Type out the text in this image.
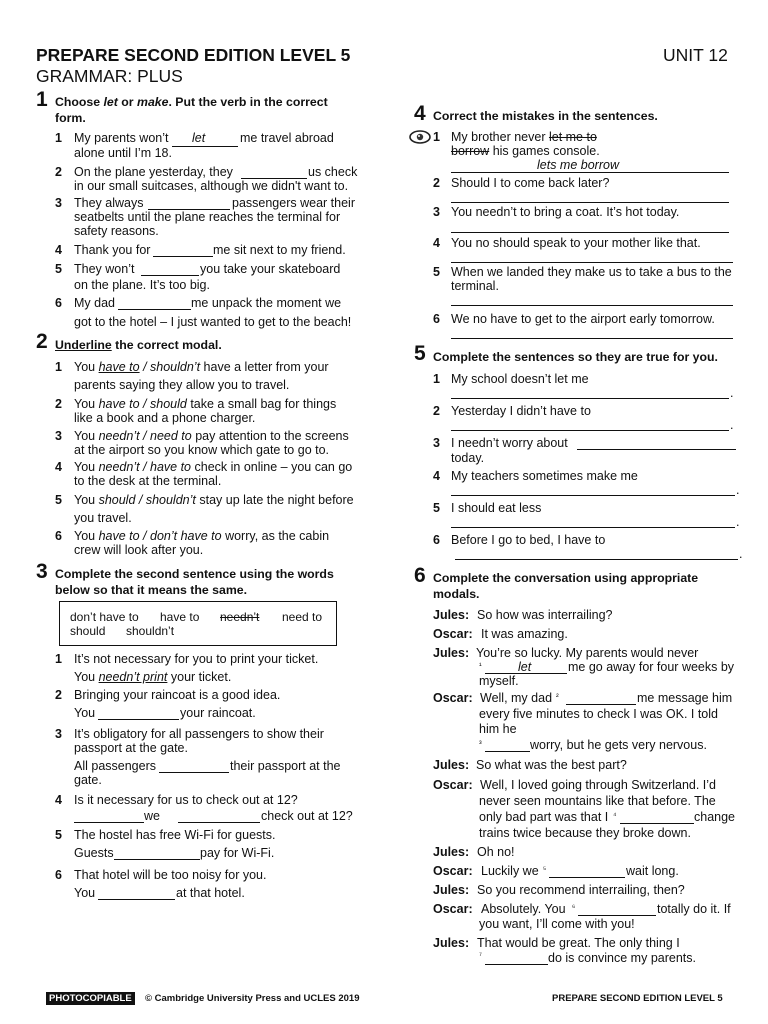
PREPARE SECOND EDITION LEVEL 5
GRAMMAR: PLUS
UNIT 12
1 Choose let or make. Put the verb in the correct
form.
1 My parents won’t let	me travel abroad
alone until I’m 18.
2 On the plane yesterday, they	us check
in our small suitcases, although we didn't want to.
3 They always	passengers wear their
seatbelts until the plane reaches the terminal for
safety reasons.
4 Thank you for	me sit next to my friend.
5 They won’t	you take your skateboard
on the plane. It’s too big.
6 My dad	me unpack the moment we
got to the hotel – I just wanted to get to the beach!
2 Underline the correct modal.
1 You have to / shouldn’t have a letter from your
parents saying they allow you to travel.
2 You have to / should take a small bag for things
like a book and a phone charger.
3 You needn’t / need to pay attention to the screens
at the airport so you know which gate to go to.
4 You needn’t / have to check in online – you can go
to the desk at the terminal.
5 You should / shouldn’t stay up late the night before
you travel.
6 You have to / don’t have to worry, as the cabin
crew will look after you.
3 Complete the second sentence using the words
below so that it means the same.
don’t have to have to needn’t need to
should shouldn’t
1 It’s not necessary for you to print your ticket.
You needn’t print your ticket.
2 Bringing your raincoat is a good idea.
You	your raincoat.
3 It’s obligatory for all passengers to show their
passport at the gate.
All passengers	their passport at the
gate.
4 Is it necessary for us to check out at 12?
we	check out at 12?
5 The hostel has free Wi-Fi for guests.
Guests	pay for Wi-Fi.
6 That hotel will be too noisy for you.
You	at that hotel.
4 Correct the mistakes in the sentences.
1 My brother never let me to
borrow his games console.
lets me borrow
2 Should I to come back later?
3 You needn’t to bring a coat. It’s hot today.
4 You no should speak to your mother like that.
5 When we landed they make us to take a bus to the
terminal.
6 We no have to get to the airport early tomorrow.
5 Complete the sentences so they are true for you.
1 My school doesn’t let me
.
2 Yesterday I didn’t have to
.
3 I needn’t worry about
today.
4 My teachers sometimes make me
.
5 I should eat less
.
6 Before I go to bed, I have to
.
6 Complete the conversation using appropriate
modals.
Jules: So how was interrailing?
Oscar: It was amazing.
Jules: You’re so lucky. My parents would never
¹	let	me go away for four weeks by
myself.
Oscar: Well, my dad ²	me message him
every five minutes to check I was OK. I told
him he
³	worry, but he gets very nervous.
Jules: So what was the best part?
Oscar: Well, I loved going through Switzerland. I’d
never seen mountains like that before. The
only bad part was that I ⁴	change
trains twice because they broke down.
Jules: Oh no!
Oscar: Luckily we ⁵	wait long.
Jules: So you recommend interrailing, then?
Oscar: Absolutely. You ⁶	totally do it. If
you want, I’ll come with you!
Jules: That would be great. The only thing I
⁷	do is convince my parents.
PHOTOCOPIABLE	© Cambridge University Press and UCLES 2019	PREPARE SECOND EDITION LEVEL 5
